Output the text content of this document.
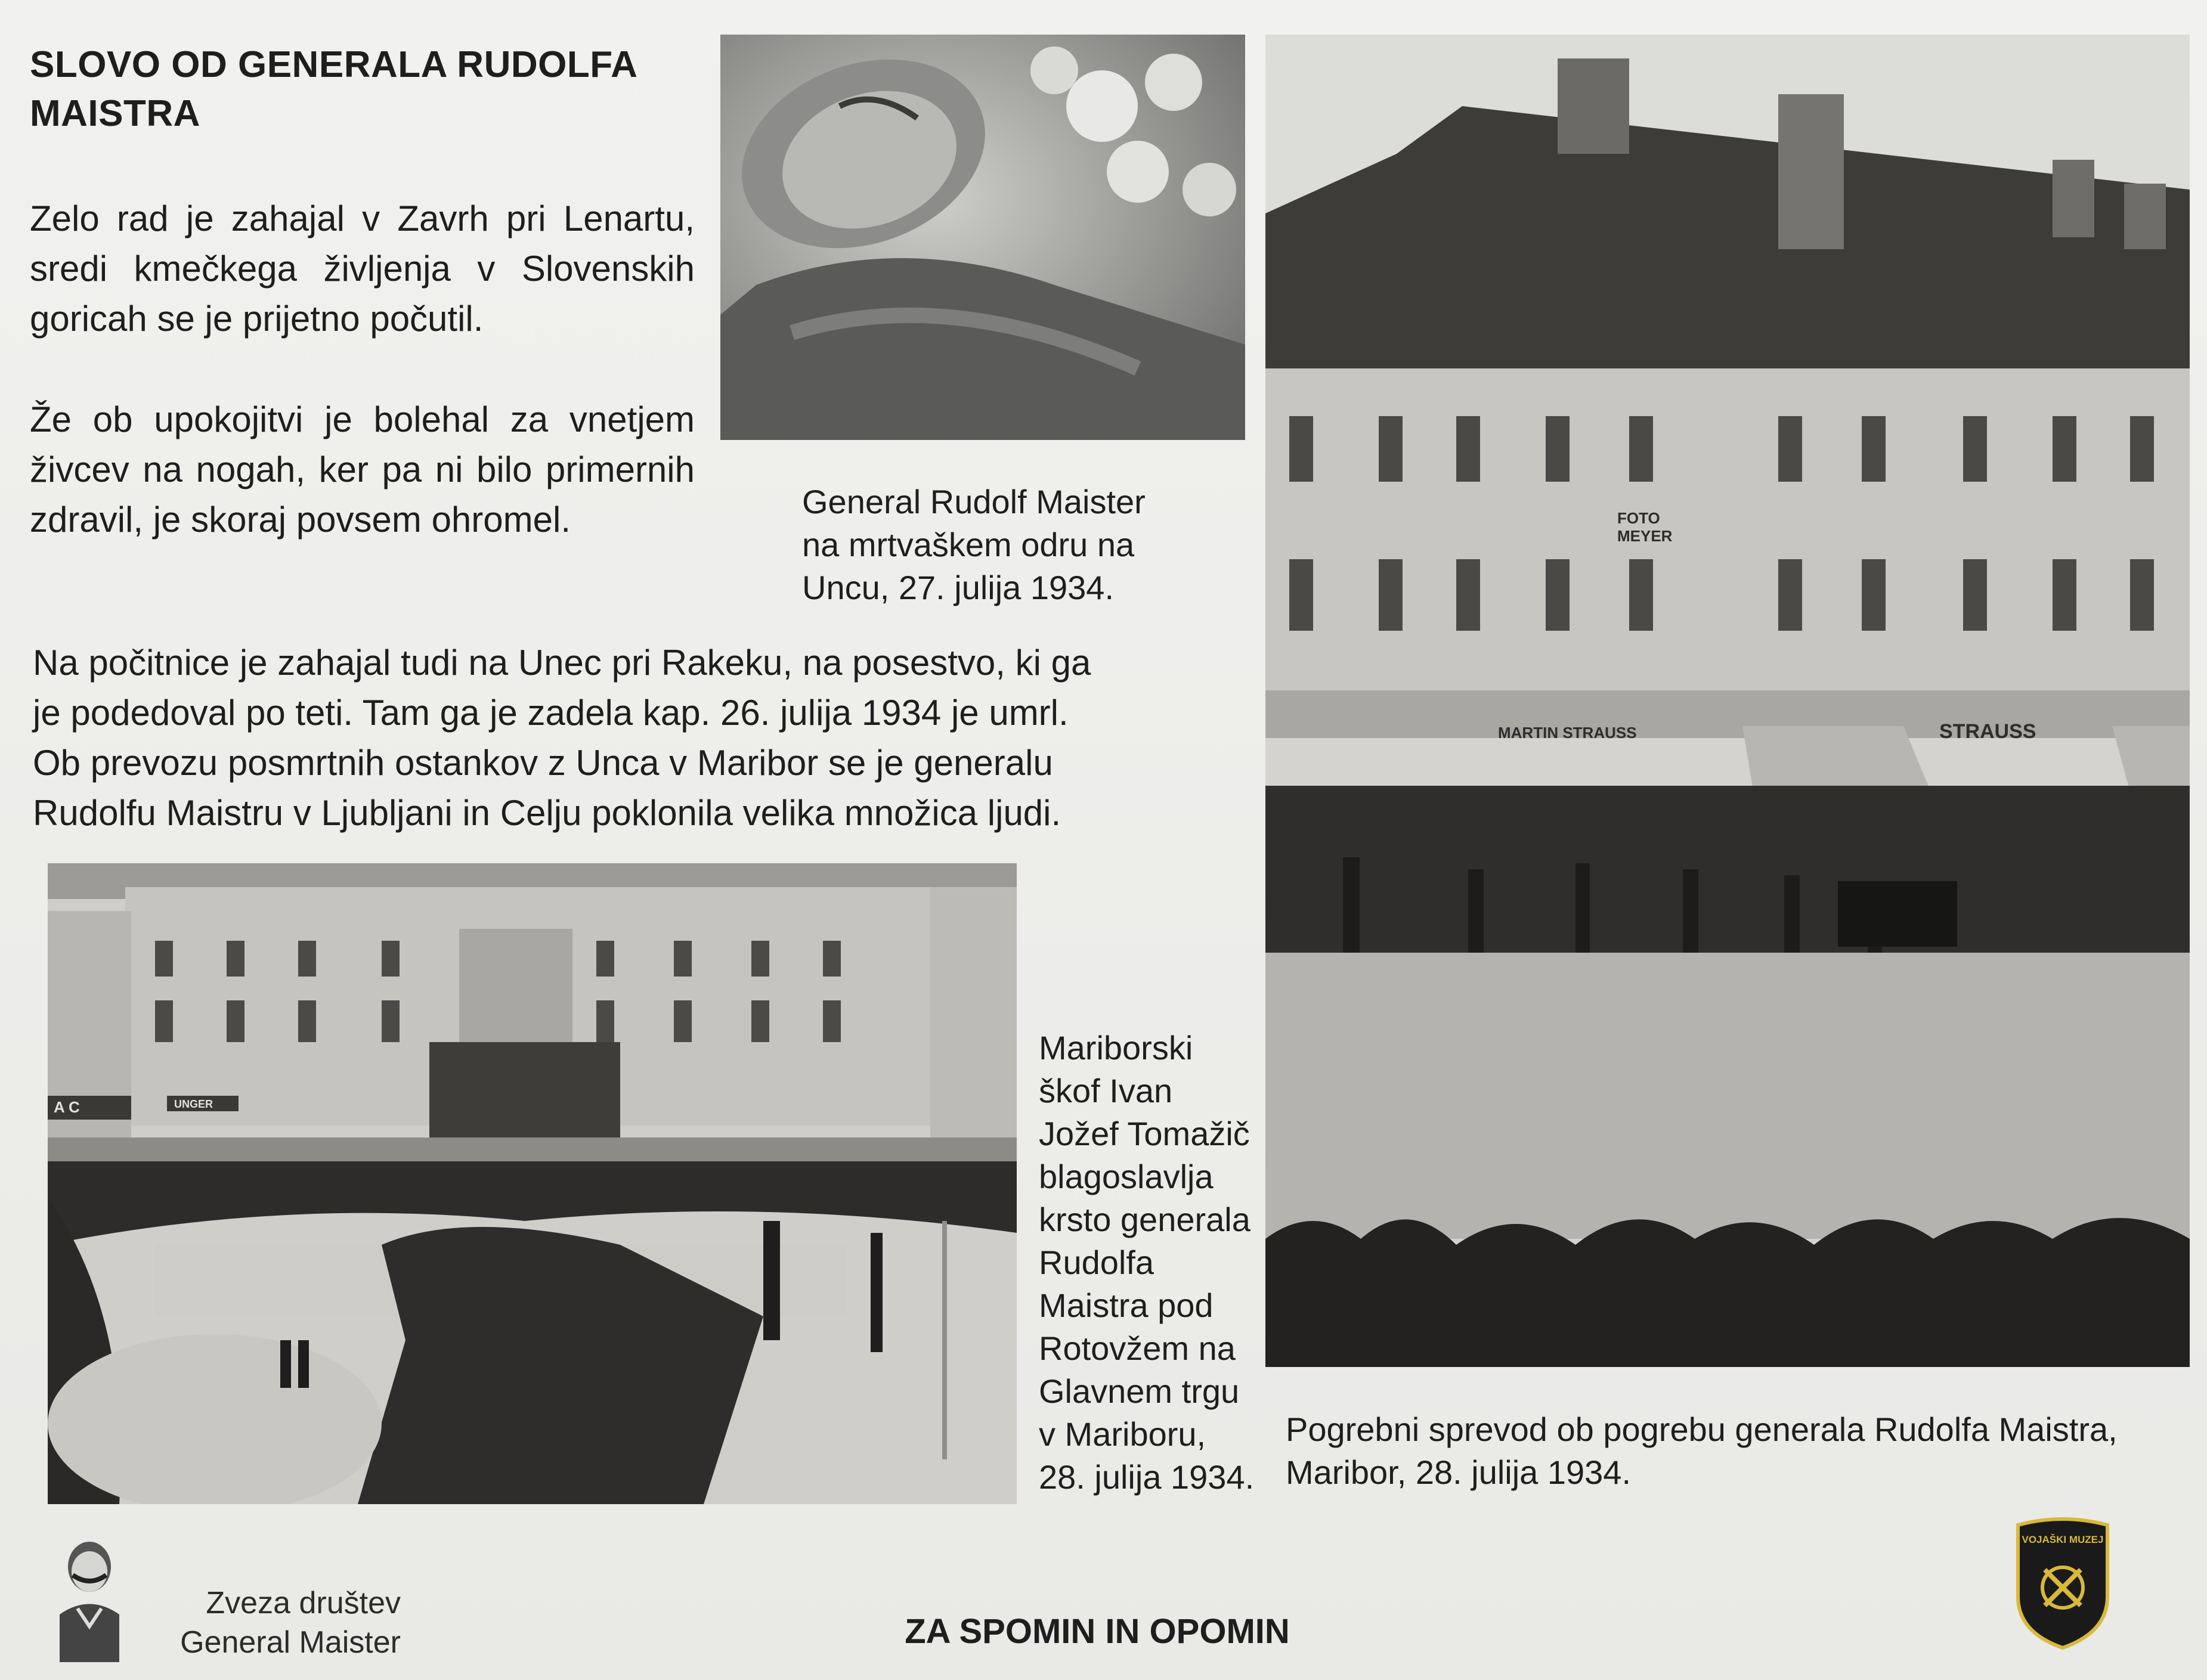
SLOVO OD GENERALA RUDOLFA MAISTRA

Zelo rad je zahajal v Zavrh pri Lenartu, sredi kmečkega življenja v Slovenskih goricah se je prijetno počutil.

Že ob upokojitvi je bolehal za vnetjem živcev na nogah, ker pa ni bilo primernih zdravil, je skoraj povsem ohromel.

Na počitnice je zahajal tudi na Unec pri Rakeku, na posestvo, ki ga
je podedoval po teti. Tam ga je zadela kap. 26. julija 1934 je umrl.
Ob prevozu posmrtnih ostankov z Unca v Maribor se je generalu
Rudolfu Maistru v Ljubljani in Celju poklonila velika množica ljudi.

General Rudolf Maister
na mrtvaškem odru na
Uncu, 27. julija 1934.

FOTO MEYER
MARTIN STRAUSS	STRAUSS
UNGER
A C

Mariborski
škof Ivan
Jožef Tomažič
blagoslavlja
krsto generala
Rudolfa
Maistra pod
Rotovžem na
Glavnem trgu
v Mariboru,
28. julija 1934.

Pogrebni sprevod ob pogrebu generala Rudolfa Maistra,
Maribor, 28. julija 1934.

Zveza društev
General Maister	ZA SPOMIN IN OPOMIN
VOJAŠKI MUZEJ
